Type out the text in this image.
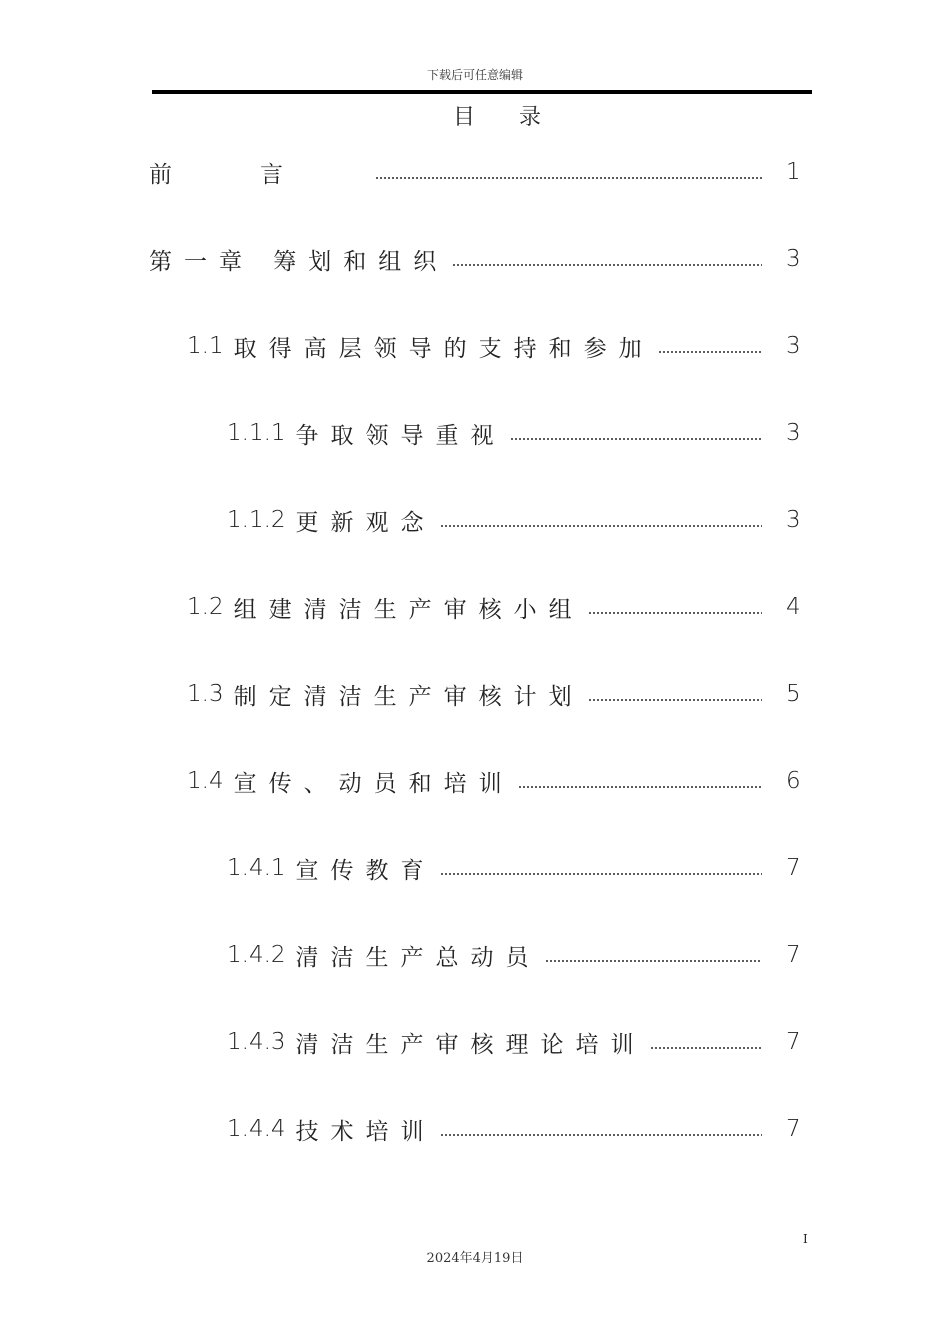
下载后可任意编辑
目录
前言	1
第一章 筹划和组织	3
1.1 取得高层领导的支持和参加	3
1.1.1 争取领导重视	3
1.1.2 更新观念	3
1.2 组建清洁生产审核小组	4
1.3 制定清洁生产审核计划	5
1.4 宣传、动员和培训	6
1.4.1 宣传教育	7
1.4.2 清洁生产总动员	7
1.4.3 清洁生产审核理论培训	7
1.4.4 技术培训	7
I
2024年4月19日
